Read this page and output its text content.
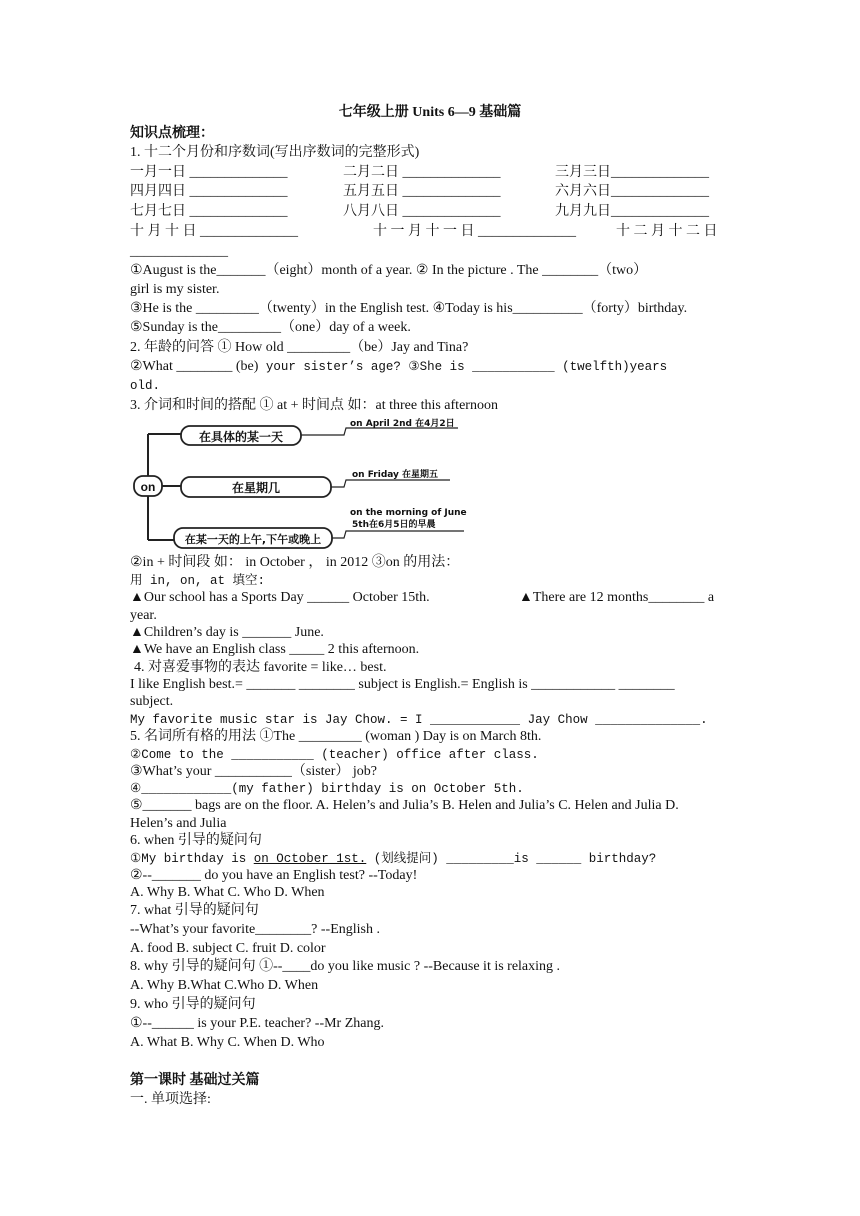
七年级上册 Units 6—9 基础篇
知识点梳理：
1. 十二个月份和序数词(写出序数词的完整形式)
一月一日 ______________	二月二日 ______________	三月三日______________
四月四日 ______________	五月五日 ______________	六月六日______________
七月七日 ______________	八月八日 ______________	九月九日______________
十 月 十 日 ______________	十 一 月 十 一 日 ______________	十 二 月 十 二 日
______________
①August is the_______（eight）month of a year. ② In the picture . The ________（two）
girl is my sister.
③He is the _________（twenty）in the English test. ④Today is his__________（forty）birthday.
⑤Sunday is the_________（one）day of a week.
2. 年龄的问答 ① How old _________（be）Jay and Tina?
②What ________ (be) your sister’s age? ③She is ___________ (twelfth)years
old.
3. 介词和时间的搭配 ① at + 时间点 如：at three this afternoon
on
在具体的某一天
on April 2nd 在4月2日
在星期几
on Friday 在星期五
在某一天的上午,下午或晚上
on the morning of June
5th在6月5日的早晨
②in + 时间段 如： in October ， in 2012 ③on 的用法：
用 in, on, at 填空:
▲Our school has a Sports Day ______ October 15th.	▲There are 12 months________ a
year.
▲Children’s day is _______ June.
▲We have an English class _____ 2 this afternoon.
4. 对喜爱事物的表达 favorite = like… best.
I like English best.= _______ ________ subject is English.= English is ____________ ________
subject.
My favorite music star is Jay Chow. = I ____________ Jay Chow ______________.
5. 名词所有格的用法 ①The _________ (woman ) Day is on March 8th.
②Come to the ___________ (teacher) office after class.
③What’s your ___________（sister） job?
④____________(my father) birthday is on October 5th.
⑤_______ bags are on the floor. A. Helen’s and Julia’s B. Helen and Julia’s C. Helen and Julia D.
Helen’s and Julia
6. when 引导的疑问句
①My birthday is on October 1st. (划线提问) _________is ______ birthday?
②--_______ do you have an English test? --Today!
A. Why B. What C. Who D. When
7. what 引导的疑问句
--What’s your favorite________? --English .
A. food B. subject C. fruit D. color
8. why 引导的疑问句 ①--____do you like music ? --Because it is relaxing .
A. Why B.What C.Who D. When
9. who 引导的疑问句
①--______ is your P.E. teacher? --Mr Zhang.
A. What B. Why C. When D. Who
第一课时 基础过关篇
一. 单项选择:
